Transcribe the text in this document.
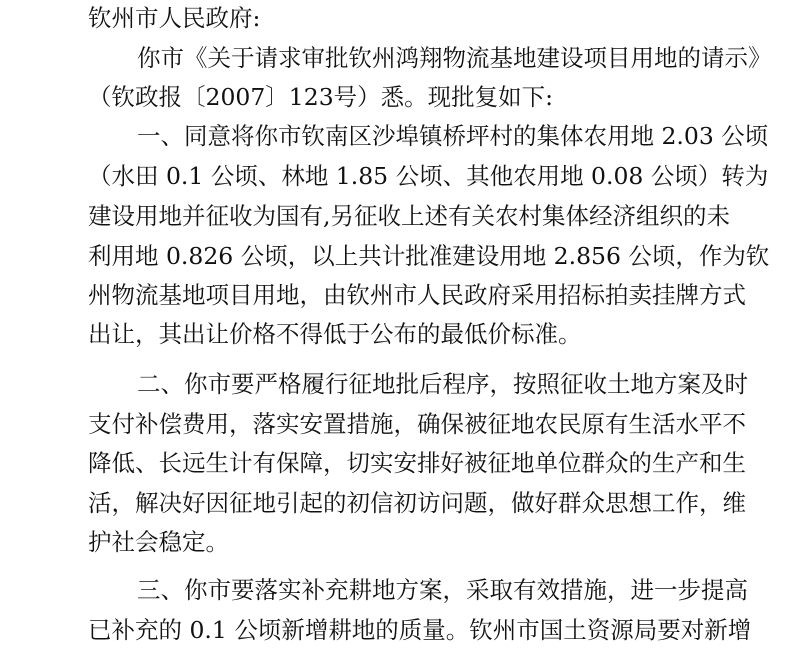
钦州市人民政府:
你市《关于请求审批钦州鸿翔物流基地建设项目用地的请示》
（钦政报〔2007〕123号）悉。现批复如下:
一、同意将你市钦南区沙埠镇桥坪村的集体农用地 2.03 公顷
（水田 0.1 公顷、林地 1.85 公顷、其他农用地 0.08 公顷）转为
建设用地并征收为国有,另征收上述有关农村集体经济组织的未
利用地 0.826 公顷，以上共计批准建设用地 2.856 公顷，作为钦
州物流基地项目用地，由钦州市人民政府采用招标拍卖挂牌方式
出让，其出让价格不得低于公布的最低价标准。
二、你市要严格履行征地批后程序，按照征收土地方案及时
支付补偿费用，落实安置措施，确保被征地农民原有生活水平不
降低、长远生计有保障，切实安排好被征地单位群众的生产和生
活，解决好因征地引起的初信初访问题，做好群众思想工作，维
护社会稳定。
三、你市要落实补充耕地方案，采取有效措施，进一步提高
已补充的 0.1 公顷新增耕地的质量。钦州市国土资源局要对新增
